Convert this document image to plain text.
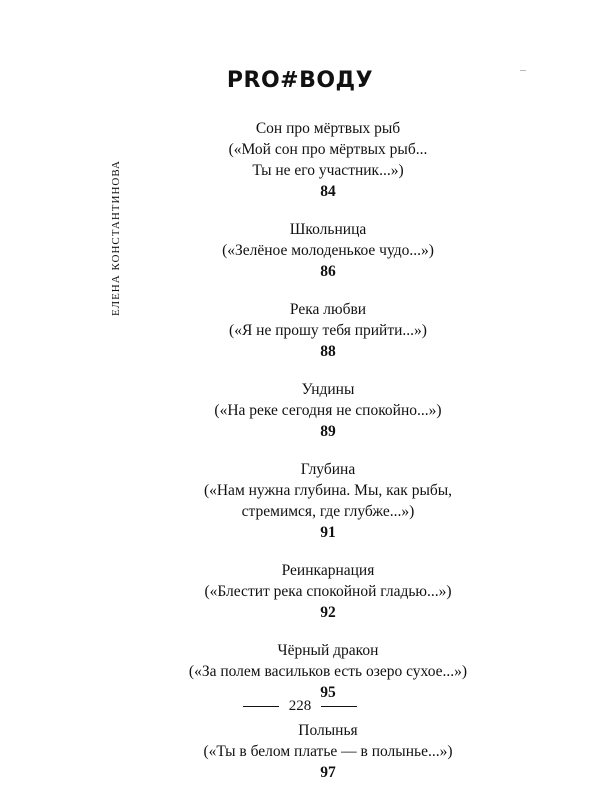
ЕЛЕНА КОНСТАНТИНОВА
PRO#ВОДУ
Сон про мёртвых рыб
(«Мой сон про мёртвых рыб...
Ты не его участник...»)
84
Школьница
(«Зелёное молоденькое чудо...»)
86
Река любви
(«Я не прошу тебя прийти...»)
88
Ундины
(«На реке сегодня не спокойно...»)
89
Глубина
(«Нам нужна глубина. Мы, как рыбы,
стремимся, где глубже...»)
91
Реинкарнация
(«Блестит река спокойной гладью...»)
92
Чёрный дракон
(«За полем васильков есть озеро сухое...»)
95
Полынья
(«Ты в белом платье — в полынье...»)
97
228
